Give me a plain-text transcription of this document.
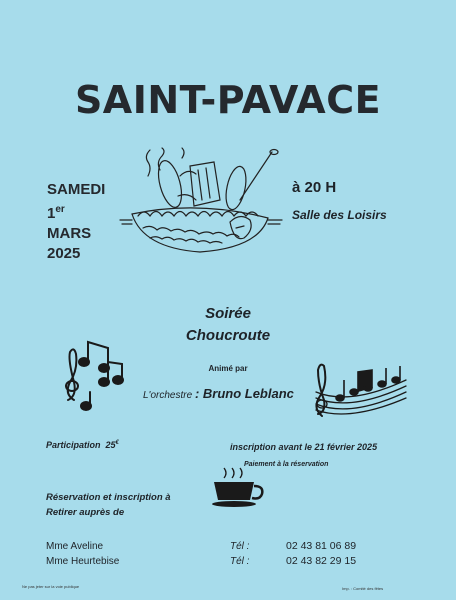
SAINT-PAVACE
SAMEDI
1er
MARS
2025
à 20 H
Salle des Loisirs
Soirée
Choucroute
Animé par
L'orchestre : Bruno Leblanc
Participation 25€	inscription avant le 21 février 2025
Paiement à la réservation
Réservation et inscription à
Retirer auprès de
Mme Aveline
Mme Heurtebise
Tél :
Tél :
02 43 81 06 89
02 43 82 29 15
Ne pas jeter sur la voie publique	Imp. : Comité des fêtes
